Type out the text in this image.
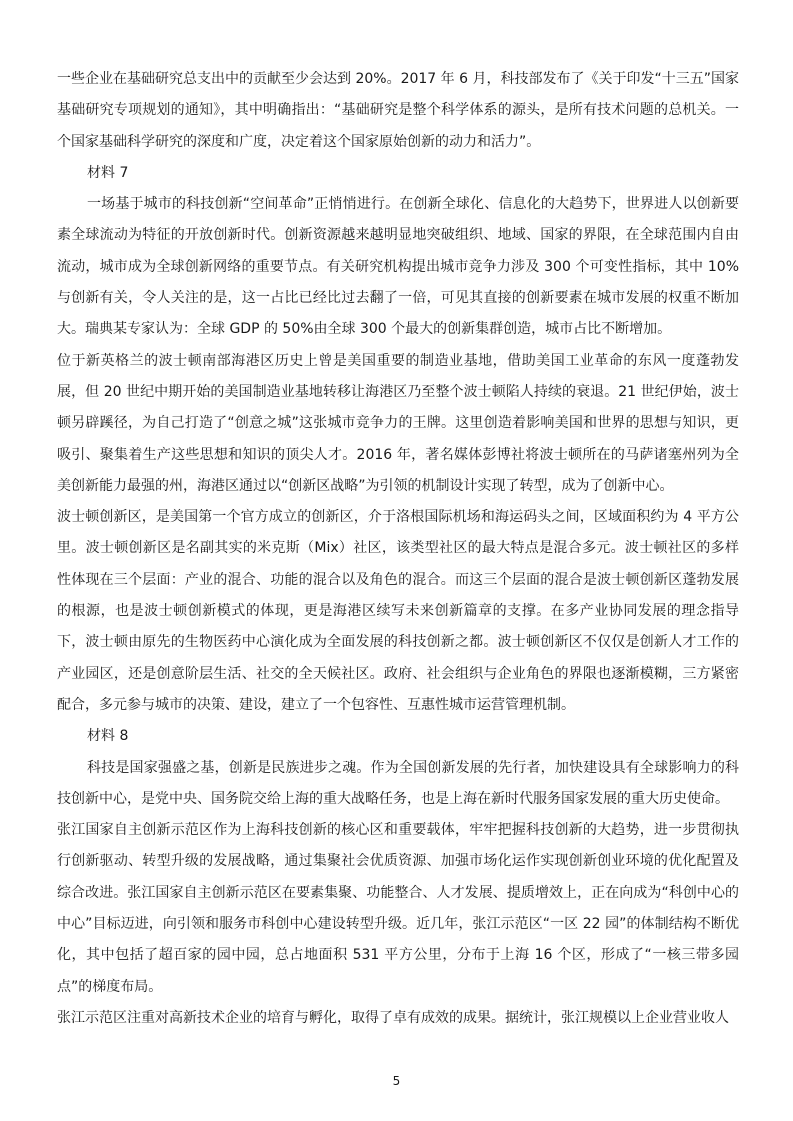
一些企业在基础研究总支出中的贡献至少会达到 20%。2017 年 6 月，科技部发布了《关于印发“十三五”国家基础研究专项规划的通知》，其中明确指出：“基础研究是整个科学体系的源头，是所有技术问题的总机关。一个国家基础科学研究的深度和广度，决定着这个国家原始创新的动力和活力”。

材料 7

一场基于城市的科技创新“空间革命”正悄悄进行。在创新全球化、信息化的大趋势下，世界进人以创新要素全球流动为特征的开放创新时代。创新资源越来越明显地突破组织、地域、国家的界限，在全球范围内自由流动，城市成为全球创新网络的重要节点。有关研究机构提出城市竞争力涉及 300 个可变性指标，其中 10%与创新有关，令人关注的是，这一占比已经比过去翻了一倍，可见其直接的创新要素在城市发展的权重不断加大。瑞典某专家认为：全球 GDP 的 50%由全球 300 个最大的创新集群创造，城市占比不断增加。

位于新英格兰的波士顿南部海港区历史上曾是美国重要的制造业基地，借助美国工业革命的东风一度蓬勃发展，但 20 世纪中期开始的美国制造业基地转移让海港区乃至整个波士顿陷人持续的衰退。21 世纪伊始，波士顿另辟蹊径，为自己打造了“创意之城”这张城市竞争力的王牌。这里创造着影响美国和世界的思想与知识，更吸引、聚集着生产这些思想和知识的顶尖人才。2016 年，著名媒体彭博社将波士顿所在的马萨诸塞州列为全美创新能力最强的州，海港区通过以“创新区战略”为引领的机制设计实现了转型，成为了创新中心。

波士顿创新区，是美国第一个官方成立的创新区，介于洛根国际机场和海运码头之间，区域面积约为 4 平方公里。波士顿创新区是名副其实的米克斯（Mix）社区，该类型社区的最大特点是混合多元。波士顿社区的多样性体现在三个层面：产业的混合、功能的混合以及角色的混合。而这三个层面的混合是波士顿创新区蓬勃发展的根源，也是波士顿创新模式的体现，更是海港区续写未来创新篇章的支撑。在多产业协同发展的理念指导下，波士顿由原先的生物医药中心演化成为全面发展的科技创新之都。波士顿创新区不仅仅是创新人才工作的产业园区，还是创意阶层生活、社交的全天候社区。政府、社会组织与企业角色的界限也逐渐模糊，三方紧密配合，多元参与城市的决策、建设，建立了一个包容性、互惠性城市运营管理机制。

材料 8

科技是国家强盛之基，创新是民族进步之魂。作为全国创新发展的先行者，加快建设具有全球影响力的科技创新中心，是党中央、国务院交给上海的重大战略任务，也是上海在新时代服务国家发展的重大历史使命。

张江国家自主创新示范区作为上海科技创新的核心区和重要载体，牢牢把握科技创新的大趋势，进一步贯彻执行创新驱动、转型升级的发展战略，通过集聚社会优质资源、加强市场化运作实现创新创业环境的优化配置及综合改进。张江国家自主创新示范区在要素集聚、功能整合、人才发展、提质增效上，正在向成为“科创中心的中心”目标迈进，向引领和服务市科创中心建设转型升级。近几年，张江示范区“一区 22 园”的体制结构不断优化，其中包括了超百家的园中园，总占地面积 531 平方公里，分布于上海 16 个区，形成了“一核三带多园点”的梯度布局。

张江示范区注重对高新技术企业的培育与孵化，取得了卓有成效的成果。据统计，张江规模以上企业营业收人

5
